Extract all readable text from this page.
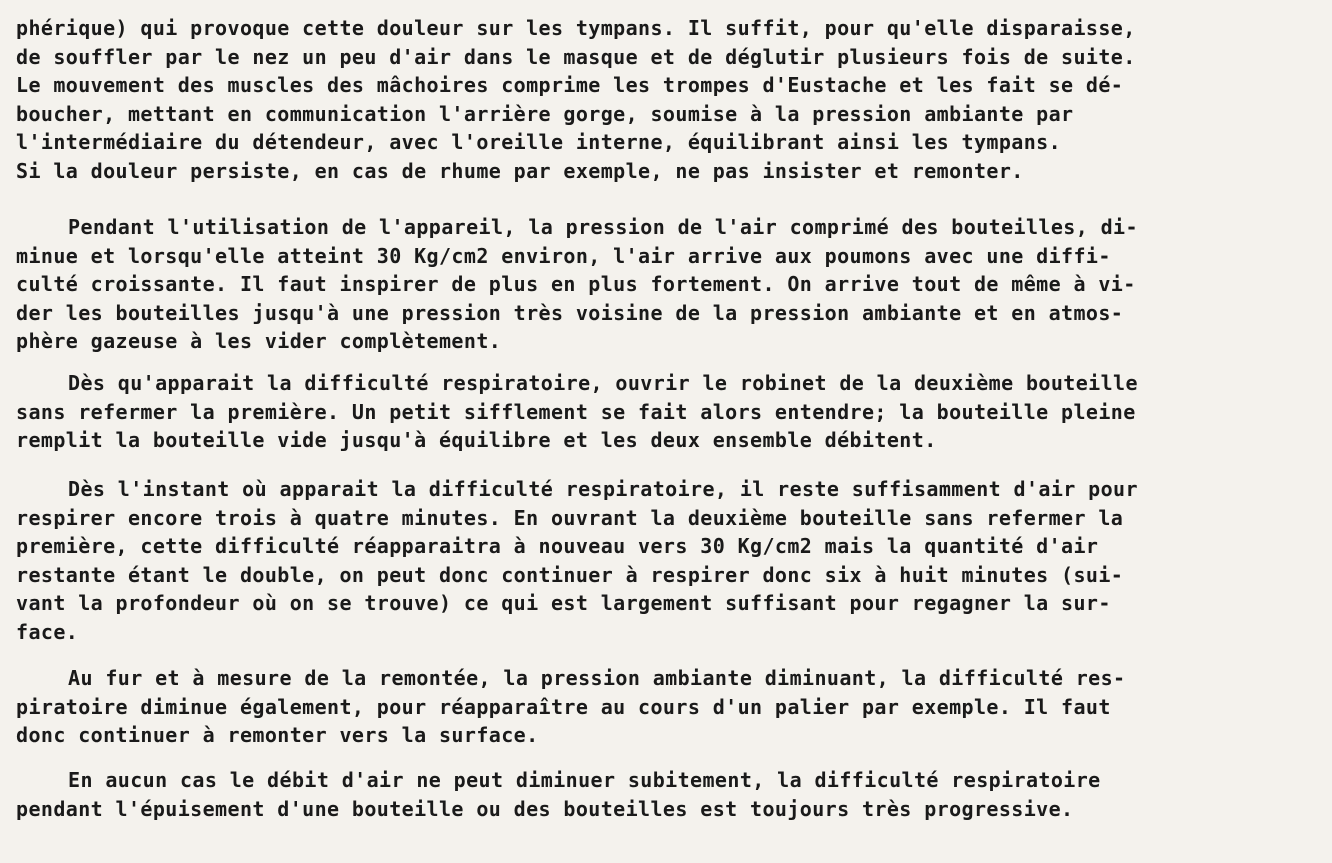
phérique) qui provoque cette douleur sur les tympans. Il suffit, pour qu'elle disparaisse,
de souffler par le nez un peu d'air dans le masque et de déglutir plusieurs fois de suite.
Le mouvement des muscles des mâchoires comprime les trompes d'Eustache et les fait se dé-
boucher, mettant en communication l'arrière gorge, soumise à la pression ambiante par
l'intermédiaire du détendeur, avec l'oreille interne, équilibrant ainsi les tympans.
Si la douleur persiste, en cas de rhume par exemple, ne pas insister et remonter.
Pendant l'utilisation de l'appareil, la pression de l'air comprimé des bouteilles, di-
minue et lorsqu'elle atteint 30 Kg/cm2 environ, l'air arrive aux poumons avec une diffi-
culté croissante. Il faut inspirer de plus en plus fortement. On arrive tout de même à vi-
der les bouteilles jusqu'à une pression très voisine de la pression ambiante et en atmos-
phère gazeuse à les vider complètement.
Dès qu'apparait la difficulté respiratoire, ouvrir le robinet de la deuxième bouteille
sans refermer la première. Un petit sifflement se fait alors entendre; la bouteille pleine
remplit la bouteille vide jusqu'à équilibre et les deux ensemble débitent.
Dès l'instant où apparait la difficulté respiratoire, il reste suffisamment d'air pour
respirer encore trois à quatre minutes. En ouvrant la deuxième bouteille sans refermer la
première, cette difficulté réapparaitra à nouveau vers 30 Kg/cm2 mais la quantité d'air
restante étant le double, on peut donc continuer à respirer donc six à huit minutes (sui-
vant la profondeur où on se trouve) ce qui est largement suffisant pour regagner la sur-
face.
Au fur et à mesure de la remontée, la pression ambiante diminuant, la difficulté res-
piratoire diminue également, pour réapparaître au cours d'un palier par exemple. Il faut
donc continuer à remonter vers la surface.
En aucun cas le débit d'air ne peut diminuer subitement, la difficulté respiratoire
pendant l'épuisement d'une bouteille ou des bouteilles est toujours très progressive.
